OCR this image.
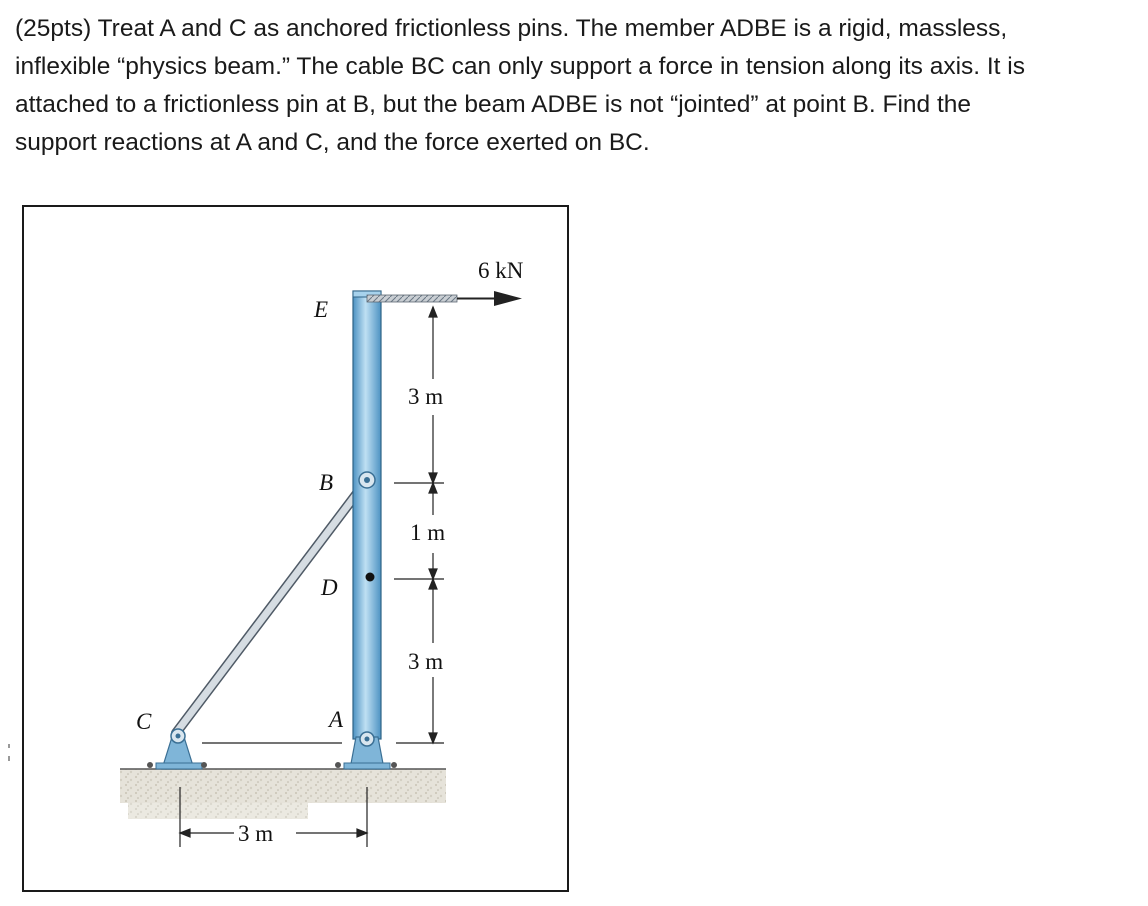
(25pts) Treat A and C as anchored frictionless pins. The member ADBE is a rigid, massless,
inflexible “physics beam.” The cable BC can only support a force in tension along its axis. It is
attached to a frictionless pin at B, but the beam ADBE is not “jointed” at point B. Find the
support reactions at A and C, and the force exerted on BC.
6 kN
E
B
D
A
C
3 m
1 m
3 m
3 m
